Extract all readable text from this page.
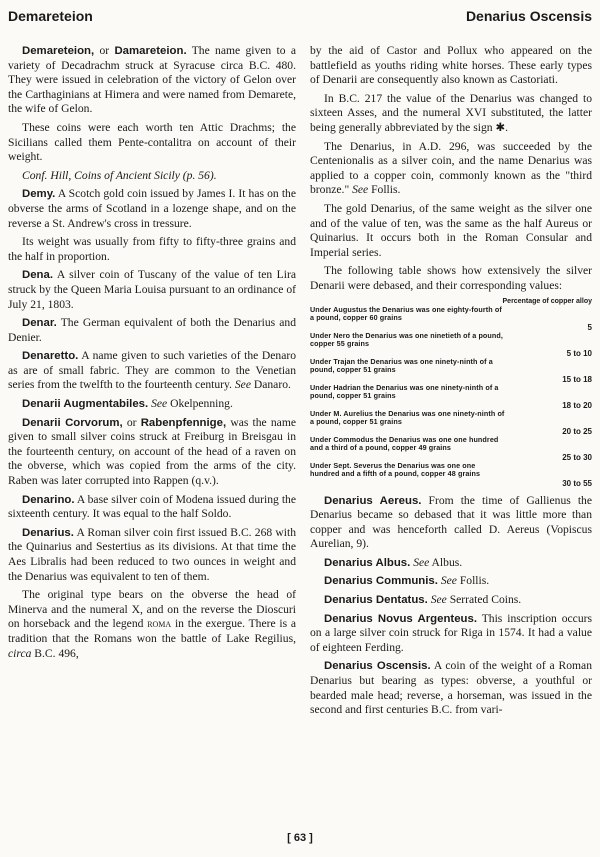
Demareteion	Denarius Oscensis

Demareteion, or Damareteion. The name given to a variety of Decadrachm struck at Syracuse circa B.C. 480. They were issued in celebration of the victory of Gelon over the Carthaginians at Himera and were named from Demarete, the wife of Gelon.

These coins were each worth ten Attic Drachms; the Sicilians called them Pente-contalitra on account of their weight.

Conf. Hill, Coins of Ancient Sicily (p. 56).

Demy. A Scotch gold coin issued by James I. It has on the obverse the arms of Scotland in a lozenge shape, and on the reverse a St. Andrew's cross in tressure.

Its weight was usually from fifty to fifty-three grains and the half in proportion.

Dena. A silver coin of Tuscany of the value of ten Lira struck by the Queen Maria Louisa pursuant to an ordinance of July 21, 1803.

Denar. The German equivalent of both the Denarius and Denier.

Denaretto. A name given to such varieties of the Denaro as are of small fabric. They are common to the Venetian series from the twelfth to the fourteenth century. See Danaro.

Denarii Augmentabiles. See Okelpenning.

Denarii Corvorum, or Rabenpfennige, was the name given to small silver coins struck at Freiburg in Breisgau in the fourteenth century, on account of the head of a raven on the obverse, which was copied from the arms of the city. Raben was later corrupted into Rappen (q.v.).

Denarino. A base silver coin of Modena issued during the sixteenth century. It was equal to the half Soldo.

Denarius. A Roman silver coin first issued B.C. 268 with the Quinarius and Sestertius as its divisions. At that time the Aes Libralis had been reduced to two ounces in weight and the Denarius was equivalent to ten of them.

The original type bears on the obverse the head of Minerva and the numeral X, and on the reverse the Dioscuri on horseback and the legend roma in the exergue. There is a tradition that the Romans won the battle of Lake Regilius, circa B.C. 496,

by the aid of Castor and Pollux who appeared on the battlefield as youths riding white horses. These early types of Denarii are consequently also known as Castoriati.

In B.C. 217 the value of the Denarius was changed to sixteen Asses, and the numeral XVI substituted, the latter being generally abbreviated by the sign ✱.

The Denarius, in A.D. 296, was succeeded by the Centenionalis as a silver coin, and the name Denarius was applied to a copper coin, commonly known as the "third bronze." See Follis.

The gold Denarius, of the same weight as the silver one and of the value of ten, was the same as the half Aureus or Quinarius. It occurs both in the Roman Consular and Imperial series.

The following table shows how extensively the silver Denarii were debased, and their corresponding values:

Percentage of copper alloy
Under Augustus the Denarius was one eighty-fourth of a pound, copper 60 grains
5
Under Nero the Denarius was one ninetieth of a pound, copper 55 grains
5 to 10
Under Trajan the Denarius was one ninety-ninth of a pound, copper 51 grains
15 to 18
Under Hadrian the Denarius was one ninety-ninth of a pound, copper 51 grains
18 to 20
Under M. Aurelius the Denarius was one ninety-ninth of a pound, copper 51 grains
20 to 25
Under Commodus the Denarius was one one hundred and a third of a pound, copper 49 grains
25 to 30
Under Sept. Severus the Denarius was one one hundred and a fifth of a pound, copper 48 grains
30 to 55

Denarius Aereus. From the time of Gallienus the Denarius became so debased that it was little more than copper and was henceforth called D. Aereus (Vopiscus Aurelian, 9).

Denarius Albus. See Albus.

Denarius Communis. See Follis.

Denarius Dentatus. See Serrated Coins.

Denarius Novus Argenteus. This inscription occurs on a large silver coin struck for Riga in 1574. It had a value of eighteen Ferding.

Denarius Oscensis. A coin of the weight of a Roman Denarius but bearing as types: obverse, a youthful or bearded male head; reverse, a horseman, was issued in the second and first centuries B.C. from vari-

[ 63 ]
